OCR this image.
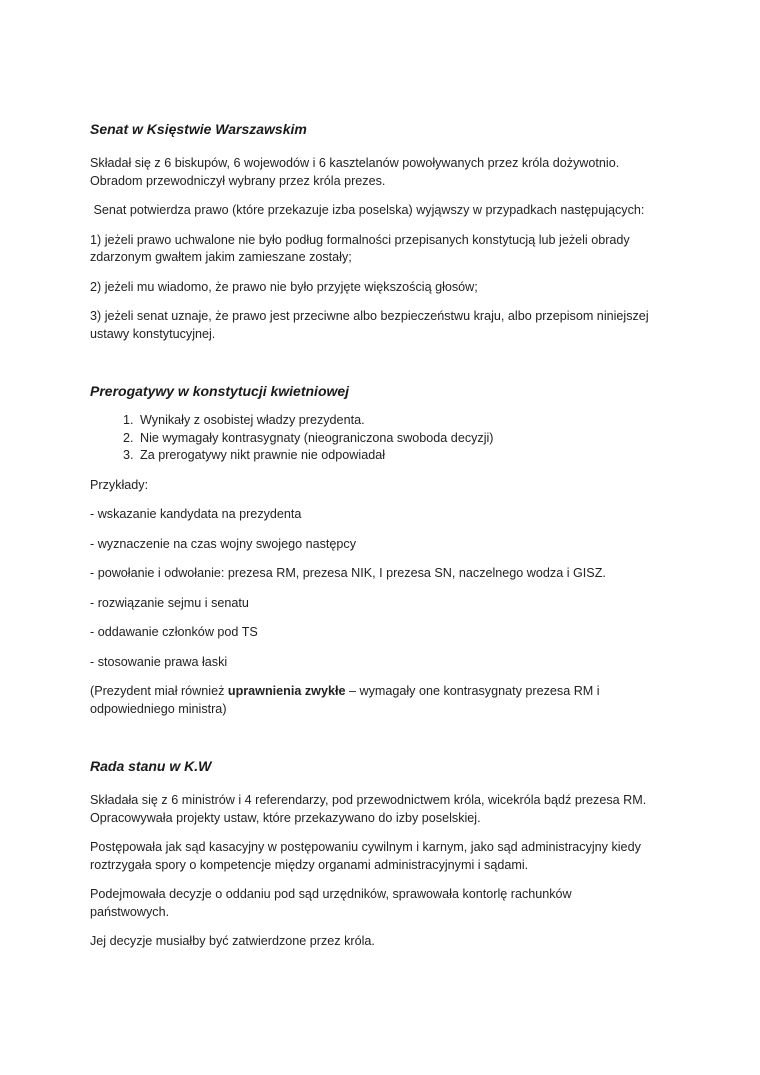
Senat w Księstwie Warszawskim

Składał się z 6 biskupów, 6 wojewodów i 6 kasztelanów powoływanych przez króla dożywotnio.
Obradom przewodniczył wybrany przez króla prezes.

Senat potwierdza prawo (które przekazuje izba poselska) wyjąwszy w przypadkach następujących:

1) jeżeli prawo uchwalone nie było podług formalności przepisanych konstytucją lub jeżeli obrady
zdarzonym gwałtem jakim zamieszane zostały;

2) jeżeli mu wiadomo, że prawo nie było przyjęte większością głosów;

3) jeżeli senat uznaje, że prawo jest przeciwne albo bezpieczeństwu kraju, albo przepisom niniejszej
ustawy konstytucyjnej.

Prerogatywy w konstytucji kwietniowej
1. Wynikały z osobistej władzy prezydenta.
2. Nie wymagały kontrasygnaty (nieograniczona swoboda decyzji)
3. Za prerogatywy nikt prawnie nie odpowiadał

Przykłady:

- wskazanie kandydata na prezydenta

- wyznaczenie na czas wojny swojego następcy

- powołanie i odwołanie: prezesa RM, prezesa NIK, I prezesa SN, naczelnego wodza i GISZ.

- rozwiązanie sejmu i senatu

- oddawanie członków pod TS

- stosowanie prawa łaski

(Prezydent miał również uprawnienia zwykłe – wymagały one kontrasygnaty prezesa RM i
odpowiedniego ministra)

Rada stanu w K.W

Składała się z 6 ministrów i 4 referendarzy, pod przewodnictwem króla, wicekróla bądź prezesa RM.
Opracowywała projekty ustaw, które przekazywano do izby poselskiej.

Postępowała jak sąd kasacyjny w postępowaniu cywilnym i karnym, jako sąd administracyjny kiedy
roztrzygała spory o kompetencje między organami administracyjnymi i sądami.

Podejmowała decyzje o oddaniu pod sąd urzędników, sprawowała kontorlę rachunków
państwowych.

Jej decyzje musiałby być zatwierdzone przez króla.
